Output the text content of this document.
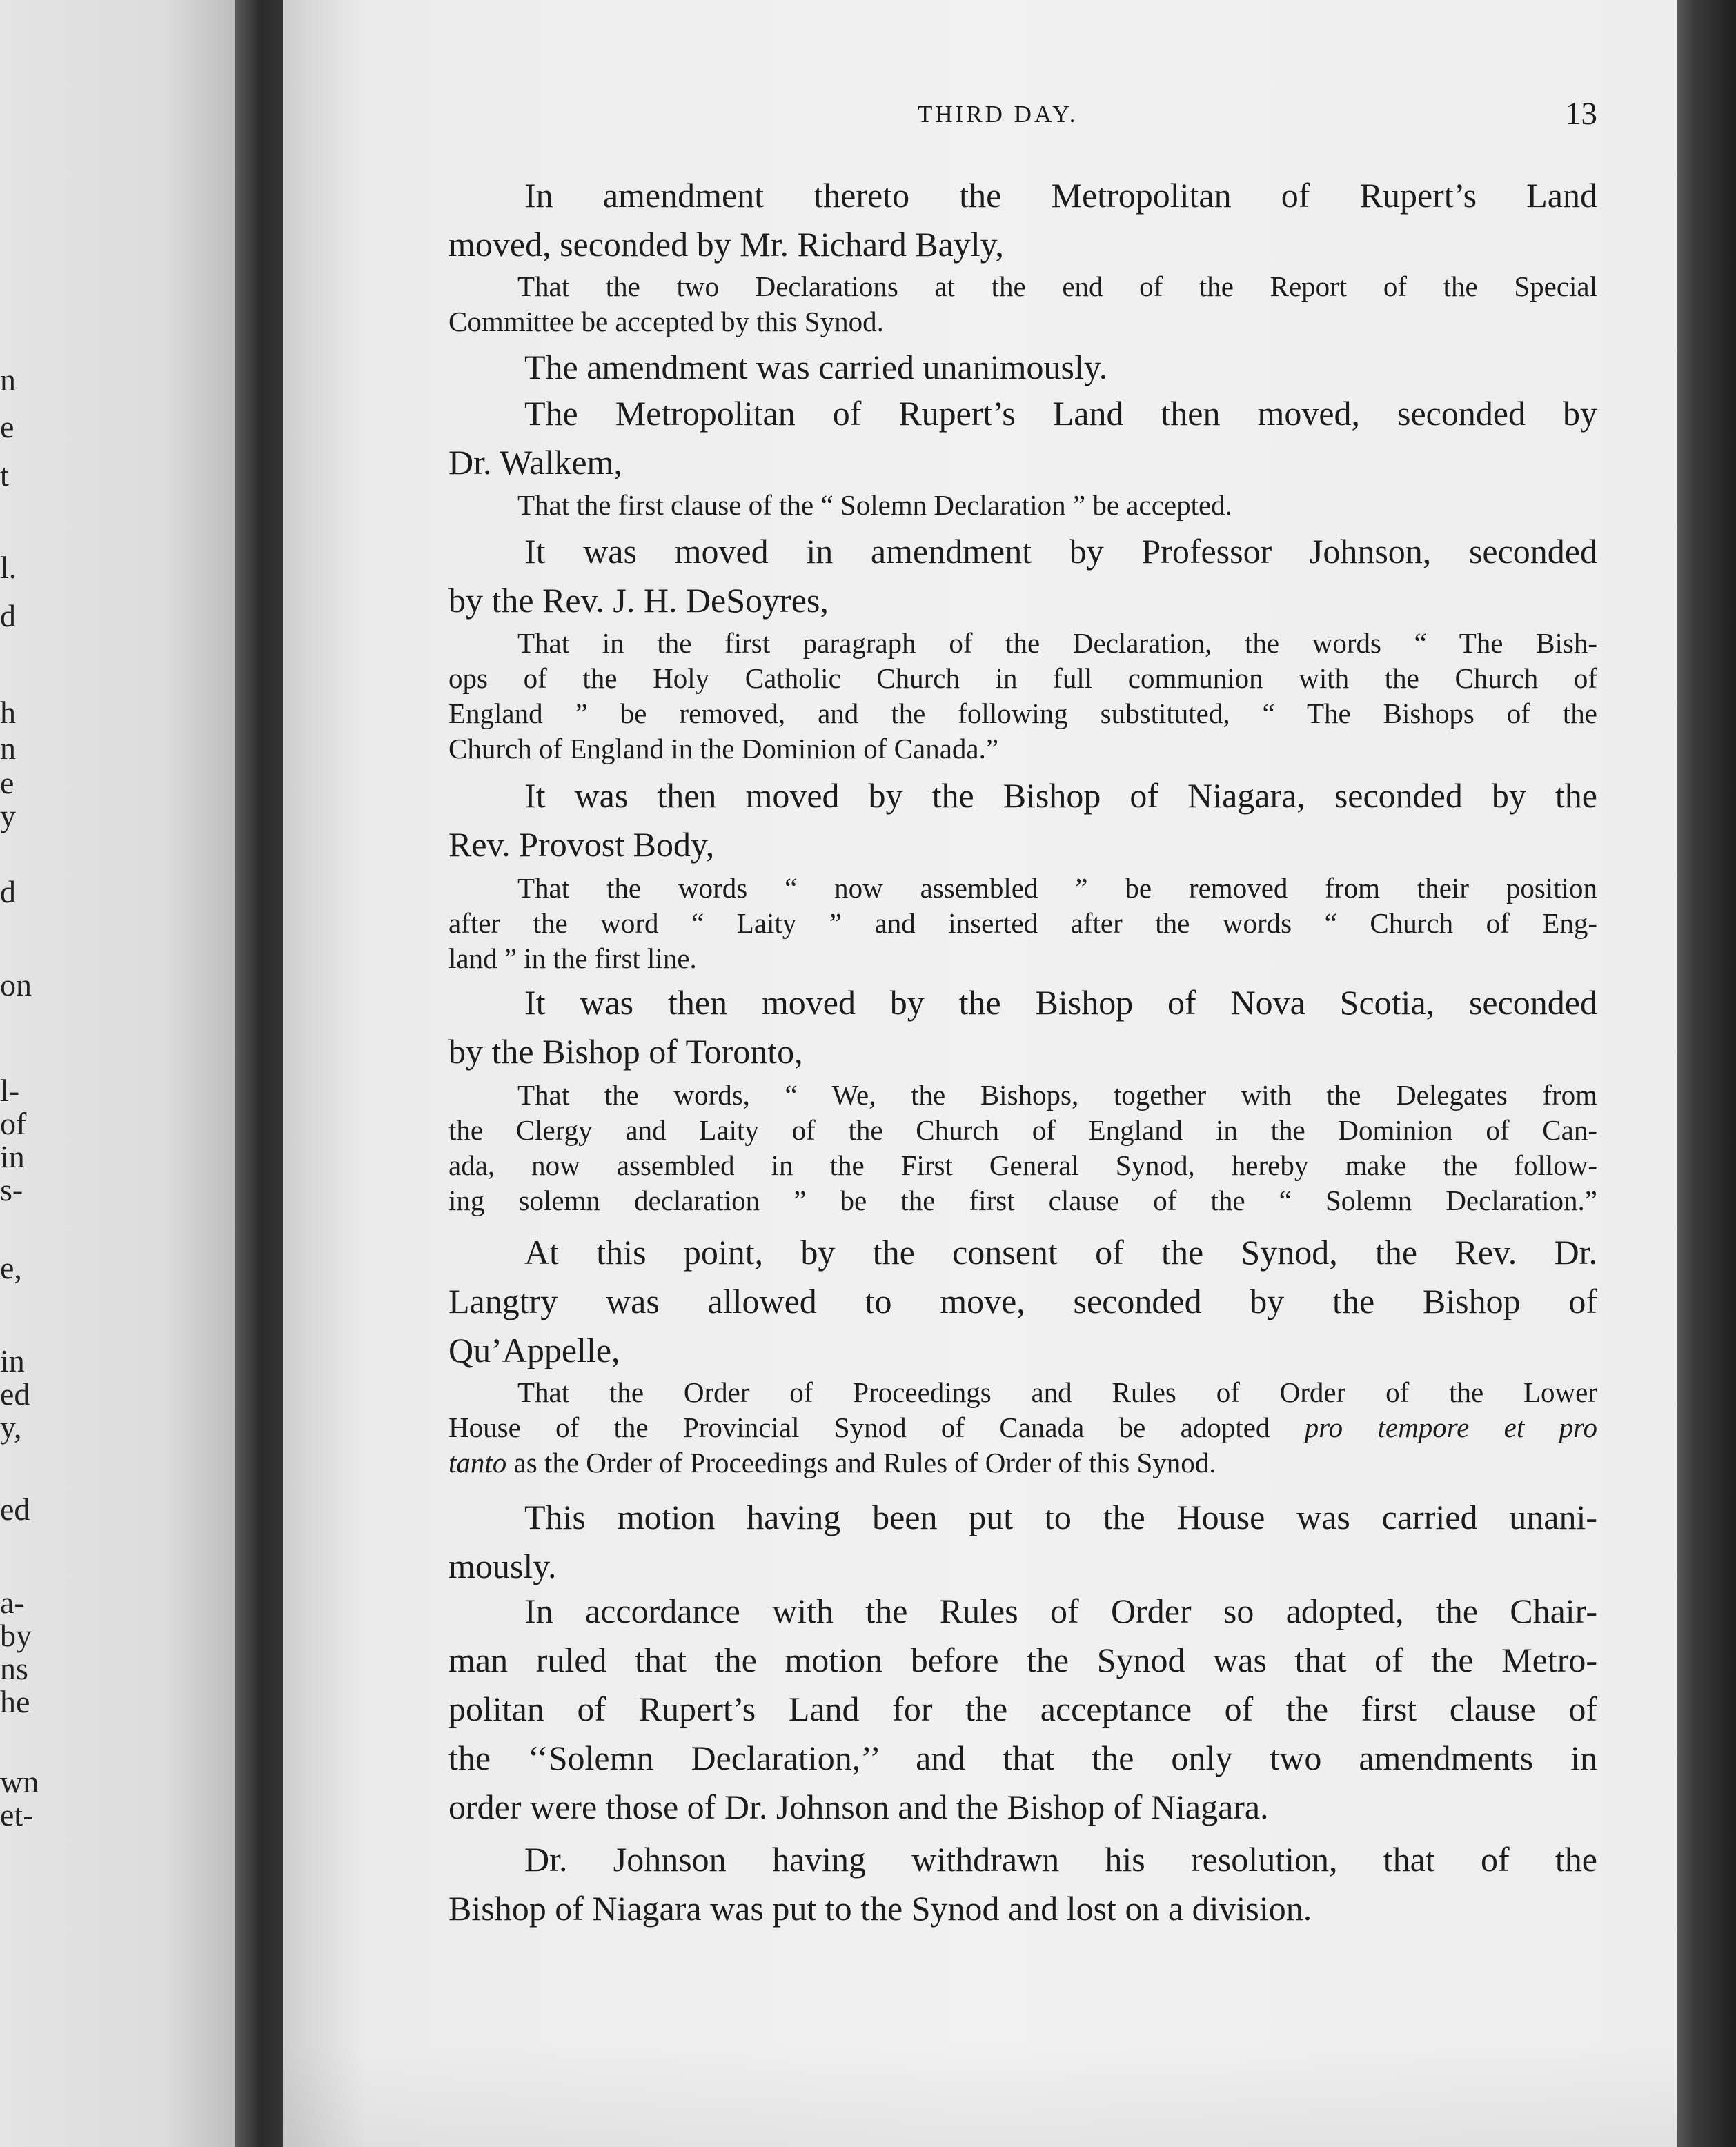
n
e
t
l.
d
h
n
e
y
d
on
l-
of
in
s-
e,
in
ed
y,
ed
a-
by
ns
he
wn
et-
THIRD DAY.	13
In amendment thereto the Metropolitan of Rupert’s Land
moved, seconded by Mr. Richard Bayly,
That the two Declarations at the end of the Report of the Special
Committee be accepted by this Synod.
The amendment was carried unanimously.
The Metropolitan of Rupert’s Land then moved, seconded by
Dr. Walkem,
That the first clause of the “ Solemn Declaration ” be accepted.
It was moved in amendment by Professor Johnson, seconded
by the Rev. J. H. DeSoyres,
That in the first paragraph of the Declaration, the words “ The Bish-
ops of the Holy Catholic Church in full communion with the Church of
England ” be removed, and the following substituted, “ The Bishops of the
Church of England in the Dominion of Canada.”
It was then moved by the Bishop of Niagara, seconded by the
Rev. Provost Body,
That the words “ now assembled ” be removed from their position
after the word “ Laity ” and inserted after the words “ Church of Eng-
land ” in the first line.
It was then moved by the Bishop of Nova Scotia, seconded
by the Bishop of Toronto,
That the words, “ We, the Bishops, together with the Delegates from
the Clergy and Laity of the Church of England in the Dominion of Can-
ada, now assembled in the First General Synod, hereby make the follow-
ing solemn declaration ” be the first clause of the “ Solemn Declaration.”
At this point, by the consent of the Synod, the Rev. Dr.
Langtry was allowed to move, seconded by the Bishop of
Qu’Appelle,
That the Order of Proceedings and Rules of Order of the Lower
House of the Provincial Synod of Canada be adopted pro tempore et pro
tanto as the Order of Proceedings and Rules of Order of this Synod.
This motion having been put to the House was carried unani-
mously.
In accordance with the Rules of Order so adopted, the Chair-
man ruled that the motion before the Synod was that of the Metro-
politan of Rupert’s Land for the acceptance of the first clause of
the ‘‘Solemn Declaration,’’ and that the only two amendments in
order were those of Dr. Johnson and the Bishop of Niagara.
Dr. Johnson having withdrawn his resolution, that of the
Bishop of Niagara was put to the Synod and lost on a division.
